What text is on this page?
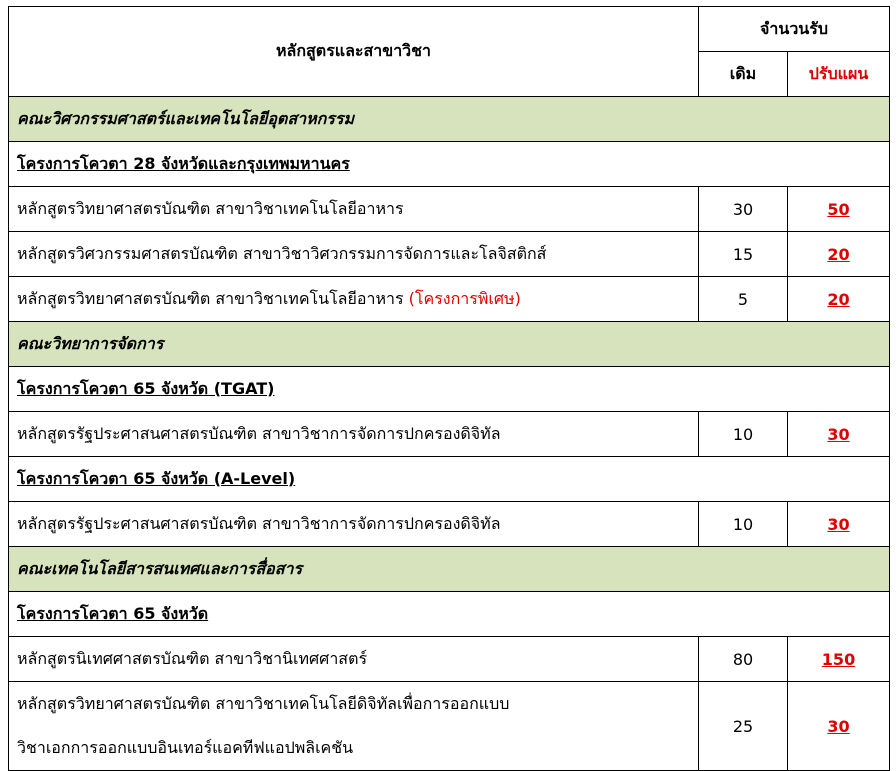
หลักสูตรและสาขาวิชา	จำนวนรับ	
	เดิม	ปรับแผน
คณะวิศวกรรมศาสตร์และเทคโนโลยีอุตสาหกรรม		
โครงการโควตา 28 จังหวัดและกรุงเทพมหานคร		
หลักสูตรวิทยาศาสตรบัณฑิต สาขาวิชาเทคโนโลยีอาหาร	30	50
หลักสูตรวิศวกรรมศาสตรบัณฑิต สาขาวิชาวิศวกรรมการจัดการและโลจิสติกส์	15	20
หลักสูตรวิทยาศาสตรบัณฑิต สาขาวิชาเทคโนโลยีอาหาร (โครงการพิเศษ)	5	20
คณะวิทยาการจัดการ		
โครงการโควตา 65 จังหวัด (TGAT)		
หลักสูตรรัฐประศาสนศาสตรบัณฑิต สาขาวิชาการจัดการปกครองดิจิทัล	10	30
โครงการโควตา 65 จังหวัด (A-Level)		
หลักสูตรรัฐประศาสนศาสตรบัณฑิต สาขาวิชาการจัดการปกครองดิจิทัล	10	30
คณะเทคโนโลยีสารสนเทศและการสื่อสาร		
โครงการโควตา 65 จังหวัด		
หลักสูตรนิเทศศาสตรบัณฑิต สาขาวิชานิเทศศาสตร์	80	150

หลักสูตรวิทยาศาสตรบัณฑิต สาขาวิชาเทคโนโลยีดิจิทัลเพื่อการออกแบบ
วิชาเอกการออกแบบอินเทอร์แอคทีฟแอปพลิเคชัน	25	30
